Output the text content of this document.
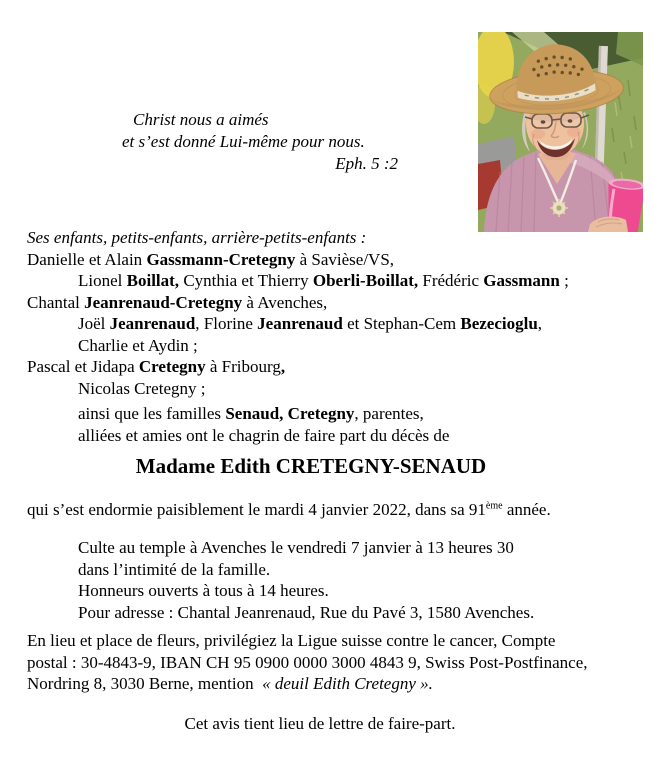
Christ nous a aimés
et s’est donné Lui-même pour nous.
Eph. 5 :2
Ses enfants, petits-enfants, arrière-petits-enfants :
Danielle et Alain Gassmann-Cretegny à Savièse/VS,
Lionel Boillat, Cynthia et Thierry Oberli-Boillat, Frédéric Gassmann ;
Chantal Jeanrenaud-Cretegny à Avenches,
Joël Jeanrenaud, Florine Jeanrenaud et Stephan-Cem Bezecioglu,
Charlie et Aydin ;
Pascal et Jidapa Cretegny à Fribourg,
Nicolas Cretegny ;
ainsi que les familles Senaud, Cretegny, parentes,
alliées et amies ont le chagrin de faire part du décès de
Madame Edith CRETEGNY-SENAUD
qui s’est endormie paisiblement le mardi 4 janvier 2022, dans sa 91ème année.
Culte au temple à Avenches le vendredi 7 janvier à 13 heures 30
dans l’intimité de la famille.
Honneurs ouverts à tous à 14 heures.
Pour adresse : Chantal Jeanrenaud, Rue du Pavé 3, 1580 Avenches.
En lieu et place de fleurs, privilégiez la Ligue suisse contre le cancer, Compte
postal : 30-4843-9, IBAN CH 95 0900 0000 3000 4843 9, Swiss Post-Postfinance,
Nordring 8, 3030 Berne, mention  « deuil Edith Cretegny ».
Cet avis tient lieu de lettre de faire-part.
